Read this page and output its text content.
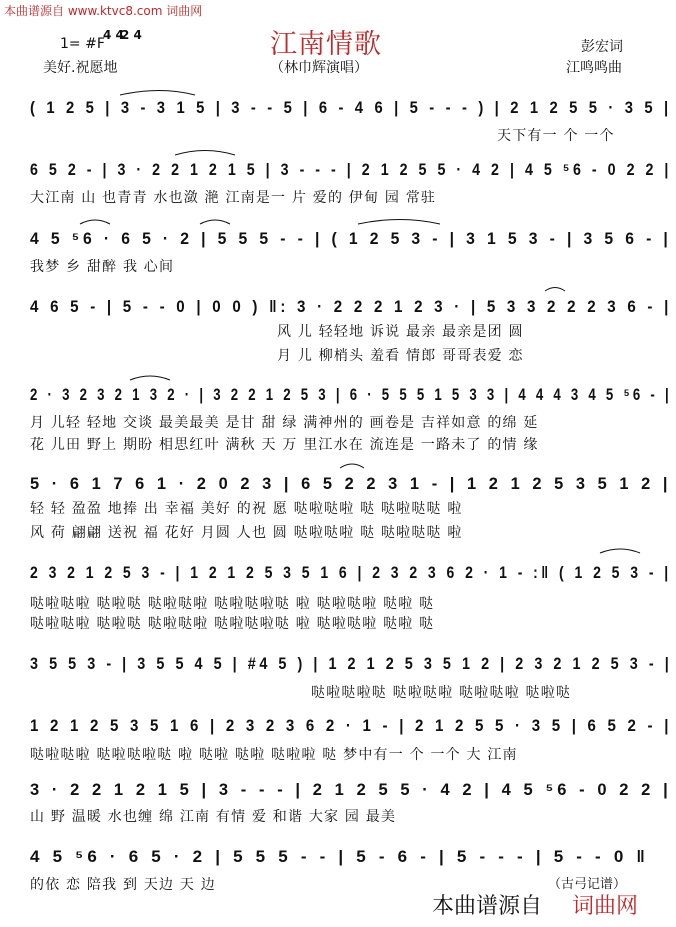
本曲谱源自 www.ktvc8.com 词曲网
江南情歌
1= #F
4 4
2 4
美好.祝愿地	（林巾辉演唱）
彭宏词
江鸣鸣曲
( 1 2 5 | 3 - 3 1 5 | 3 - - 5 | 6 - 4 6 | 5 - - - ) | 2 1 2 5 5 · 3 5 |
天下有一 个 一个
6 5 2 - | 3 · 2 2 1 2 1 5 | 3 - - - | 2 1 2 5 5 · 4 2 | 4 5 ⁵6 - 0 2 2 |
大江南 山 也青青 水也潋 滟 江南是一 片 爱的 伊甸 园 常驻
4 5 ⁵6 · 6 5 · 2 | 5 5 5 - - | ( 1 2 5 3 - | 3 1 5 3 - | 3 5 6 - |
我梦 乡 甜醉 我 心间
4 6 5 - | 5 - - 0 | 0 0 ) ‖: 3 · 2 2 2 1 2 3 · | 5 3 3 2 2 2 3 6 - |
风 儿 轻轻地 诉说 最亲 最亲是团 圆
月 儿 柳梢头 羞看 情郎 哥哥表爱 恋
2 · 3 2 3 2 1 3 2 · | 3 2 2 1 2 5 3 | 6 · 5 5 5 1 5 3 3 | 4 4 4 3 4 5 ⁵6 - |
月 儿轻 轻地 交谈 最美最美 是甘 甜 绿 满神州的 画卷是 吉祥如意 的绵 延
花 儿田 野上 期盼 相思红叶 满秋 天 万 里江水在 流连是 一路未了 的情 缘
5 · 6 1 7 6 1 · 2 0 2 3 | 6 5 2 2 3 1 - | 1 2 1 2 5 3 5 1 2 |
轻 轻 盈盈 地捧 出 幸福 美好 的祝 愿 哒啦哒啦 哒 哒啦哒哒 啦
风 荷 翩翩 送祝 福 花好 月圆 人也 圆 哒啦哒啦 哒 哒啦哒哒 啦
2 3 2 1 2 5 3 - | 1 2 1 2 5 3 5 1 6 | 2 3 2 3 6 2 · 1 - :‖ ( 1 2 5 3 - |
哒啦哒啦 哒啦哒 哒啦哒啦 哒啦哒啦哒 啦 哒啦哒啦 哒啦 哒
哒啦哒啦 哒啦哒 哒啦哒啦 哒啦哒啦哒 啦 哒啦哒啦 哒啦 哒
3 5 5 3 - | 3 5 5 4 5 | #4 5 ) | 1 2 1 2 5 3 5 1 2 | 2 3 2 1 2 5 3 - |
哒啦哒啦哒 哒啦哒啦 哒啦哒啦 哒啦哒
1 2 1 2 5 3 5 1 6 | 2 3 2 3 6 2 · 1 - | 2 1 2 5 5 · 3 5 | 6 5 2 - |
哒啦哒啦 哒啦哒啦哒 啦 哒啦 哒啦 哒啦啦 哒 梦中有一 个 一个 大 江南
3 · 2 2 1 2 1 5 | 3 - - - | 2 1 2 5 5 · 4 2 | 4 5 ⁵6 - 0 2 2 |
山 野 温暖 水也缠 绵 江南 有情 爱 和谐 大家 园 最美
4 5 ⁵6 · 6 5 · 2 | 5 5 5 - - | 5 - 6 - | 5 - - - | 5 - - 0 ‖
的依 恋 陪我 到 天边 天 边	（古弓记谱）
本曲谱源自 词曲网
